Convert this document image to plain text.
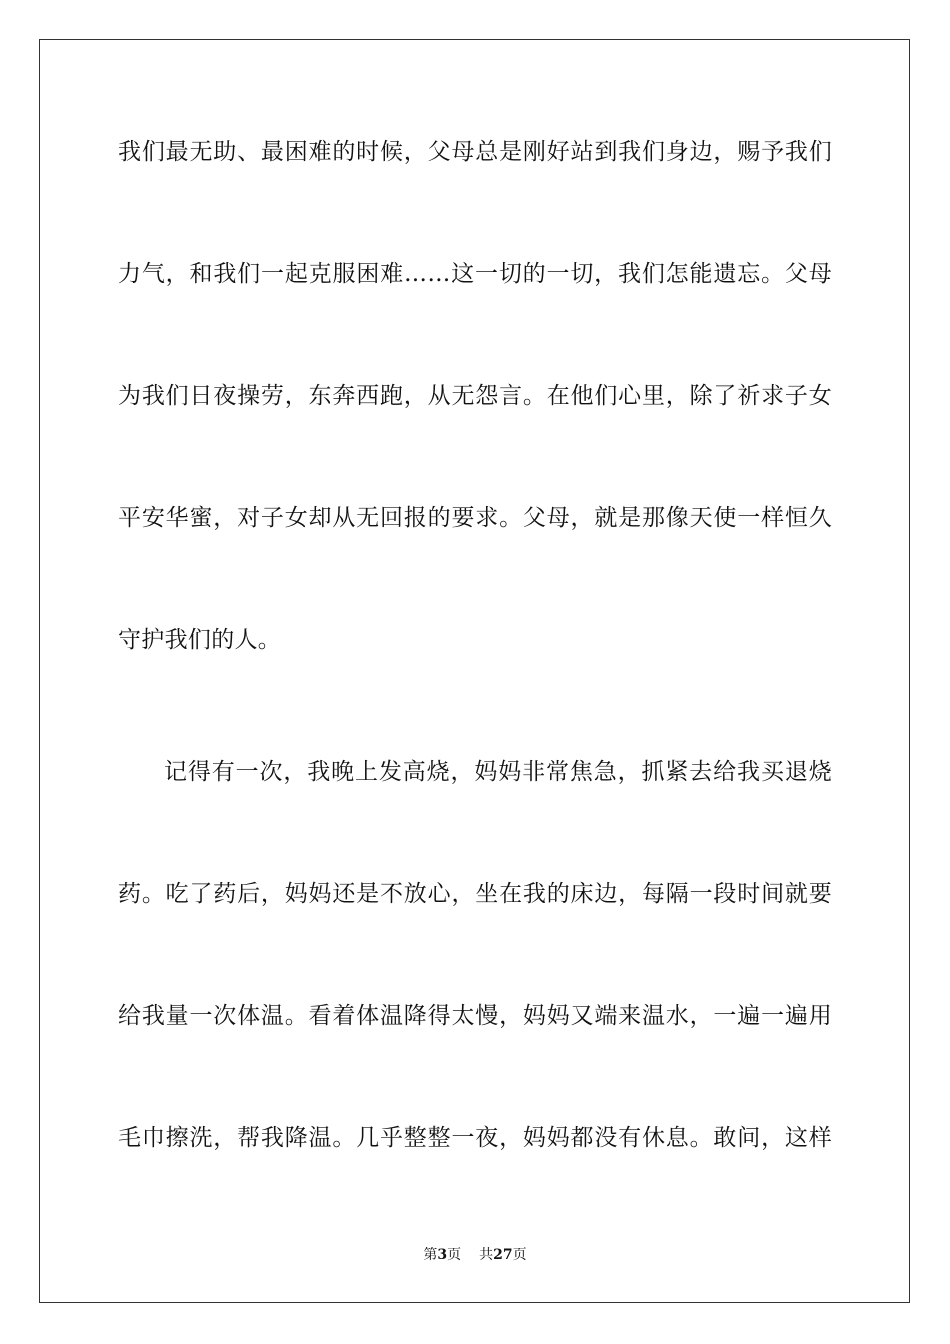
我们最无助、最困难的时候，父母总是刚好站到我们身边，赐予我们
力气，和我们一起克服困难……这一切的一切，我们怎能遗忘。父母
为我们日夜操劳，东奔西跑，从无怨言。在他们心里，除了祈求子女
平安华蜜，对子女却从无回报的要求。父母，就是那像天使一样恒久
守护我们的人。
记得有一次，我晚上发高烧，妈妈非常焦急，抓紧去给我买退烧
药。吃了药后，妈妈还是不放心，坐在我的床边，每隔一段时间就要
给我量一次体温。看着体温降得太慢，妈妈又端来温水，一遍一遍用
毛巾擦洗，帮我降温。几乎整整一夜，妈妈都没有休息。敢问，这样
第3页 共27页
